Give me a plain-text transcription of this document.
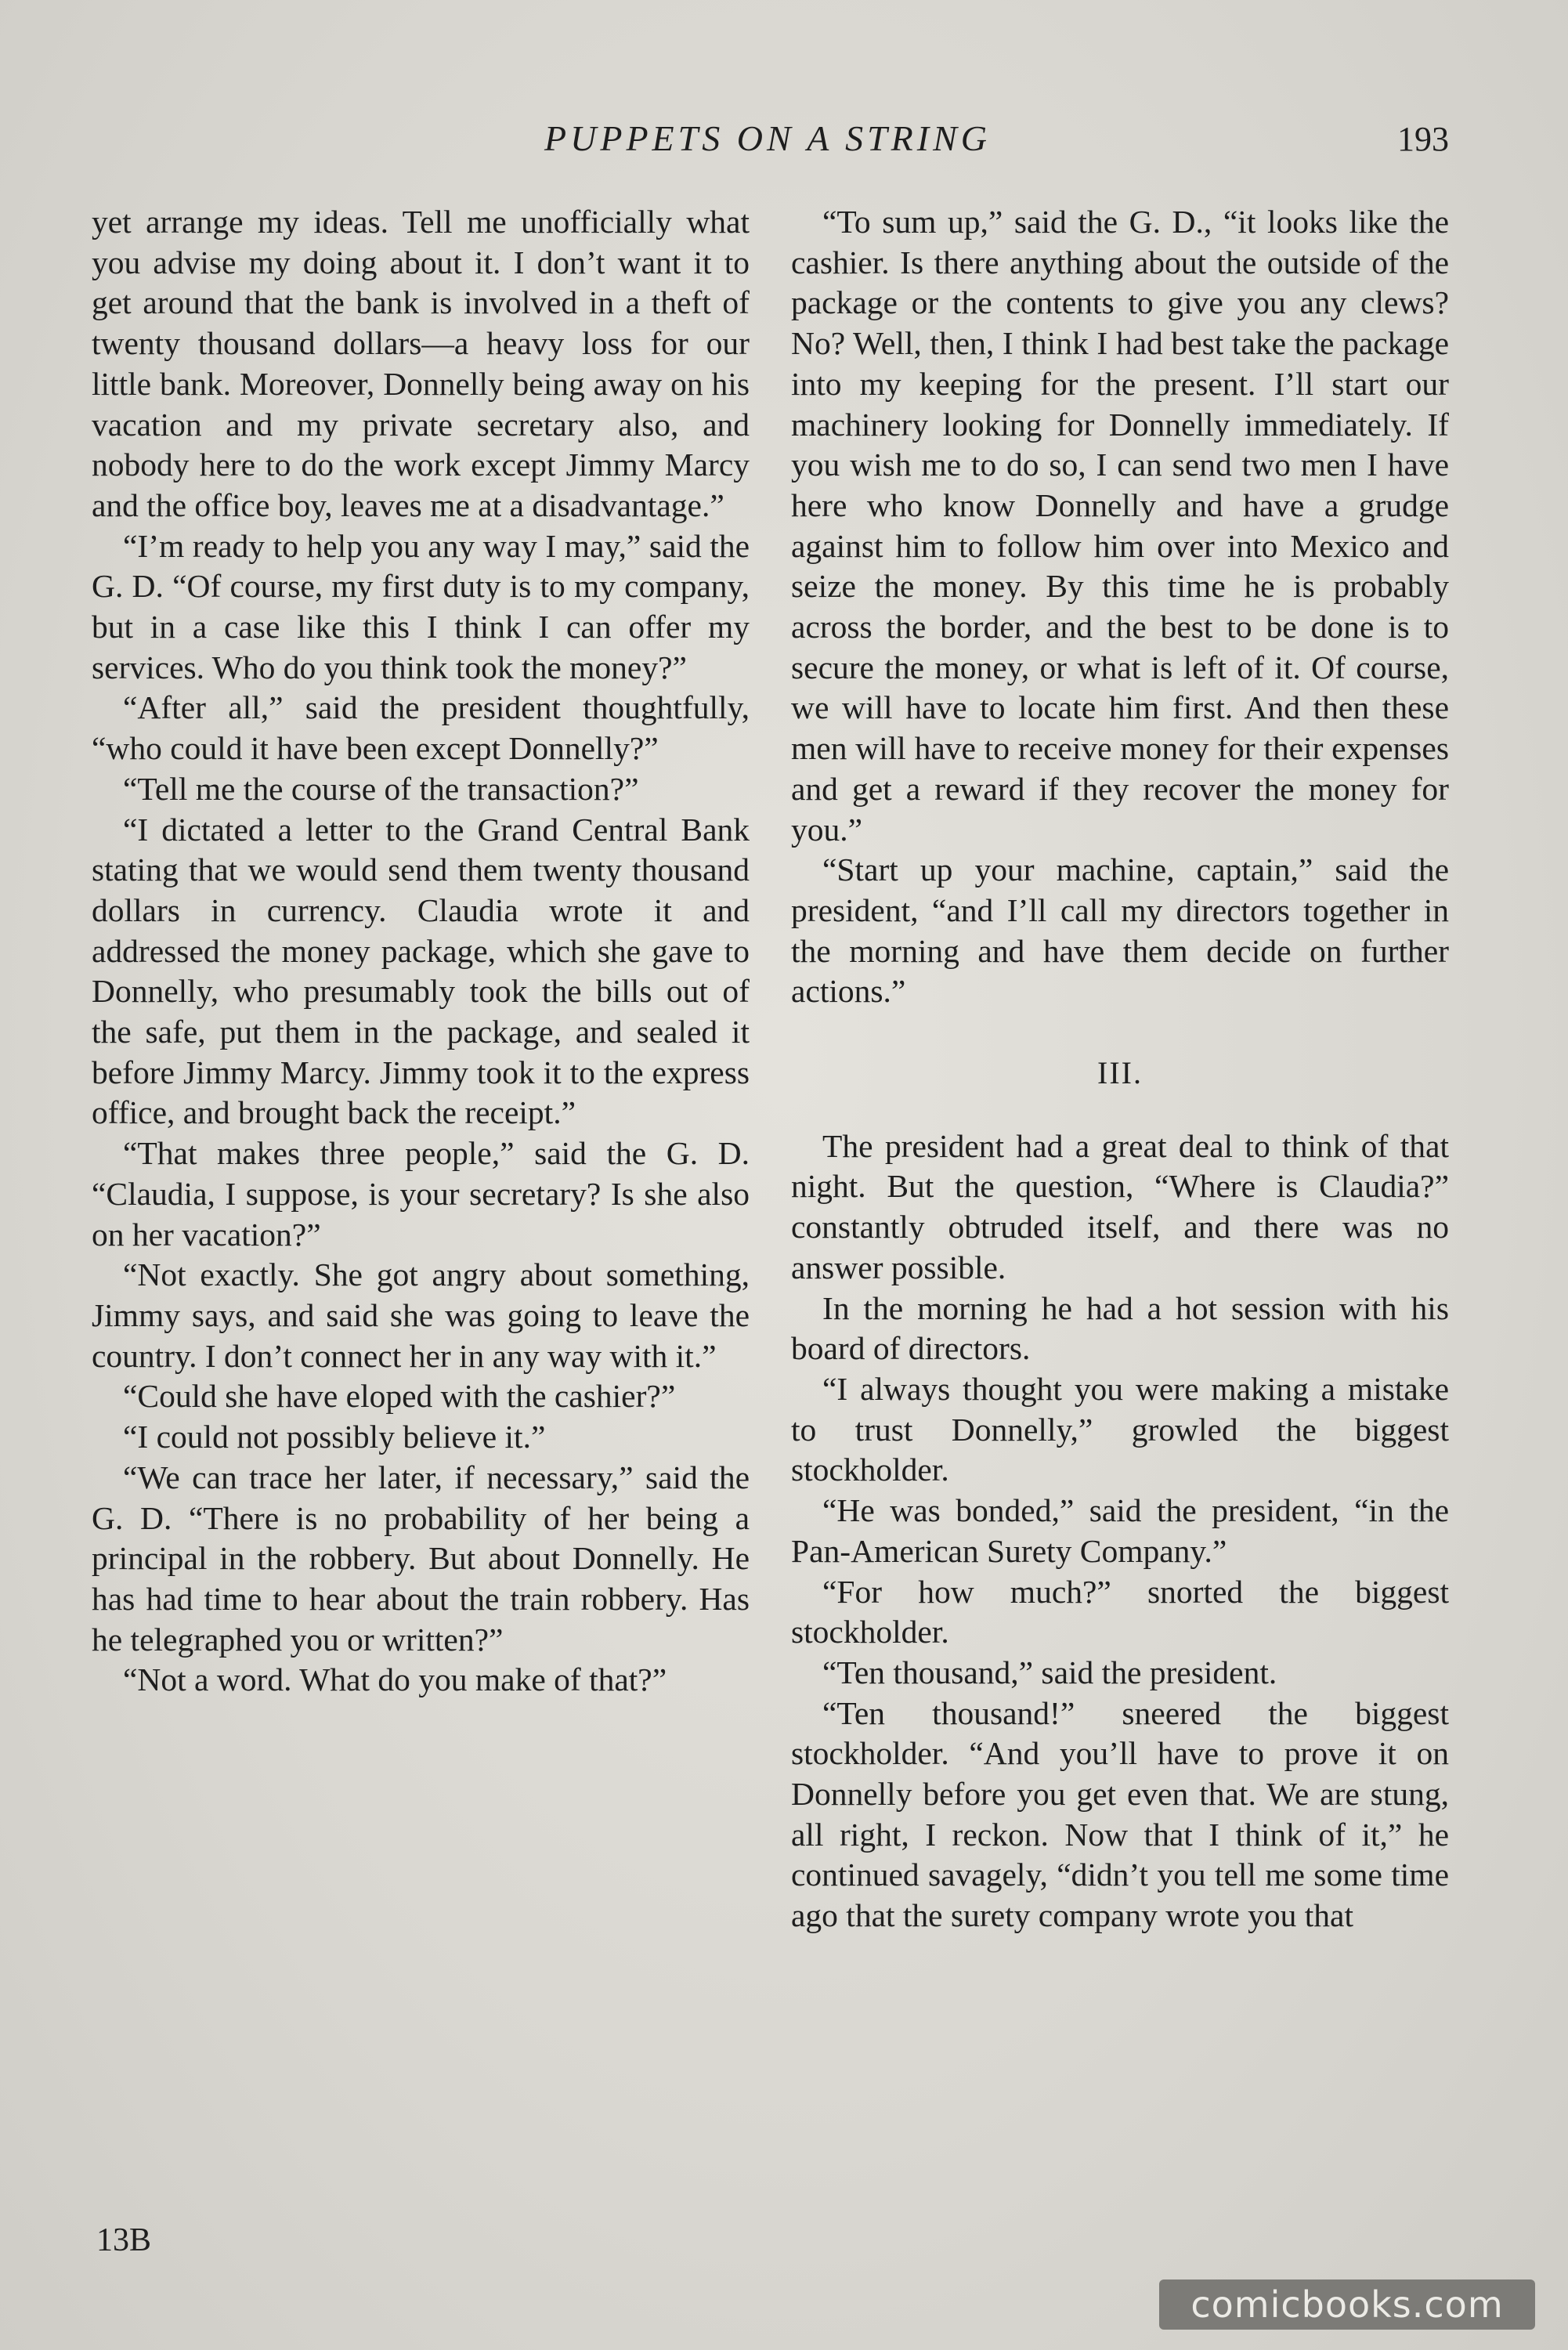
PUPPETS ON A STRING	193

yet arrange my ideas. Tell me unofficially what you advise my doing about it. I don’t want it to get around that the bank is involved in a theft of twenty thousand dollars—a heavy loss for our little bank. Moreover, Donnelly being away on his vacation and my private secretary also, and nobody here to do the work except Jimmy Marcy and the office boy, leaves me at a disadvantage.”

“I’m ready to help you any way I may,” said the G. D. “Of course, my first duty is to my company, but in a case like this I think I can offer my services. Who do you think took the money?”

“After all,” said the president thoughtfully, “who could it have been except Donnelly?”

“Tell me the course of the transaction?”

“I dictated a letter to the Grand Central Bank stating that we would send them twenty thousand dollars in currency. Claudia wrote it and addressed the money package, which she gave to Donnelly, who presumably took the bills out of the safe, put them in the package, and sealed it before Jimmy Marcy. Jimmy took it to the express office, and brought back the receipt.”

“That makes three people,” said the G. D. “Claudia, I suppose, is your secretary? Is she also on her vacation?”

“Not exactly. She got angry about something, Jimmy says, and said she was going to leave the country. I don’t connect her in any way with it.”

“Could she have eloped with the cashier?”

“I could not possibly believe it.”

“We can trace her later, if necessary,” said the G. D. “There is no probability of her being a principal in the robbery. But about Donnelly. He has had time to hear about the train robbery. Has he telegraphed you or written?”

“Not a word. What do you make of that?”

“To sum up,” said the G. D., “it looks like the cashier. Is there anything about the outside of the package or the contents to give you any clews? No? Well, then, I think I had best take the package into my keeping for the present. I’ll start our machinery looking for Donnelly immediately. If you wish me to do so, I can send two men I have here who know Donnelly and have a grudge against him to follow him over into Mexico and seize the money. By this time he is probably across the border, and the best to be done is to secure the money, or what is left of it. Of course, we will have to locate him first. And then these men will have to receive money for their expenses and get a reward if they recover the money for you.”

“Start up your machine, captain,” said the president, “and I’ll call my directors together in the morning and have them decide on further actions.”

III.

The president had a great deal to think of that night. But the question, “Where is Claudia?” constantly obtruded itself, and there was no answer possible.

In the morning he had a hot session with his board of directors.

“I always thought you were making a mistake to trust Donnelly,” growled the biggest stockholder.

“He was bonded,” said the president, “in the Pan-American Surety Company.”

“For how much?” snorted the biggest stockholder.

“Ten thousand,” said the president.

“Ten thousand!” sneered the biggest stockholder. “And you’ll have to prove it on Donnelly before you get even that. We are stung, all right, I reckon. Now that I think of it,” he continued savagely, “didn’t you tell me some time ago that the surety company wrote you that

13B
comicbooks.com
